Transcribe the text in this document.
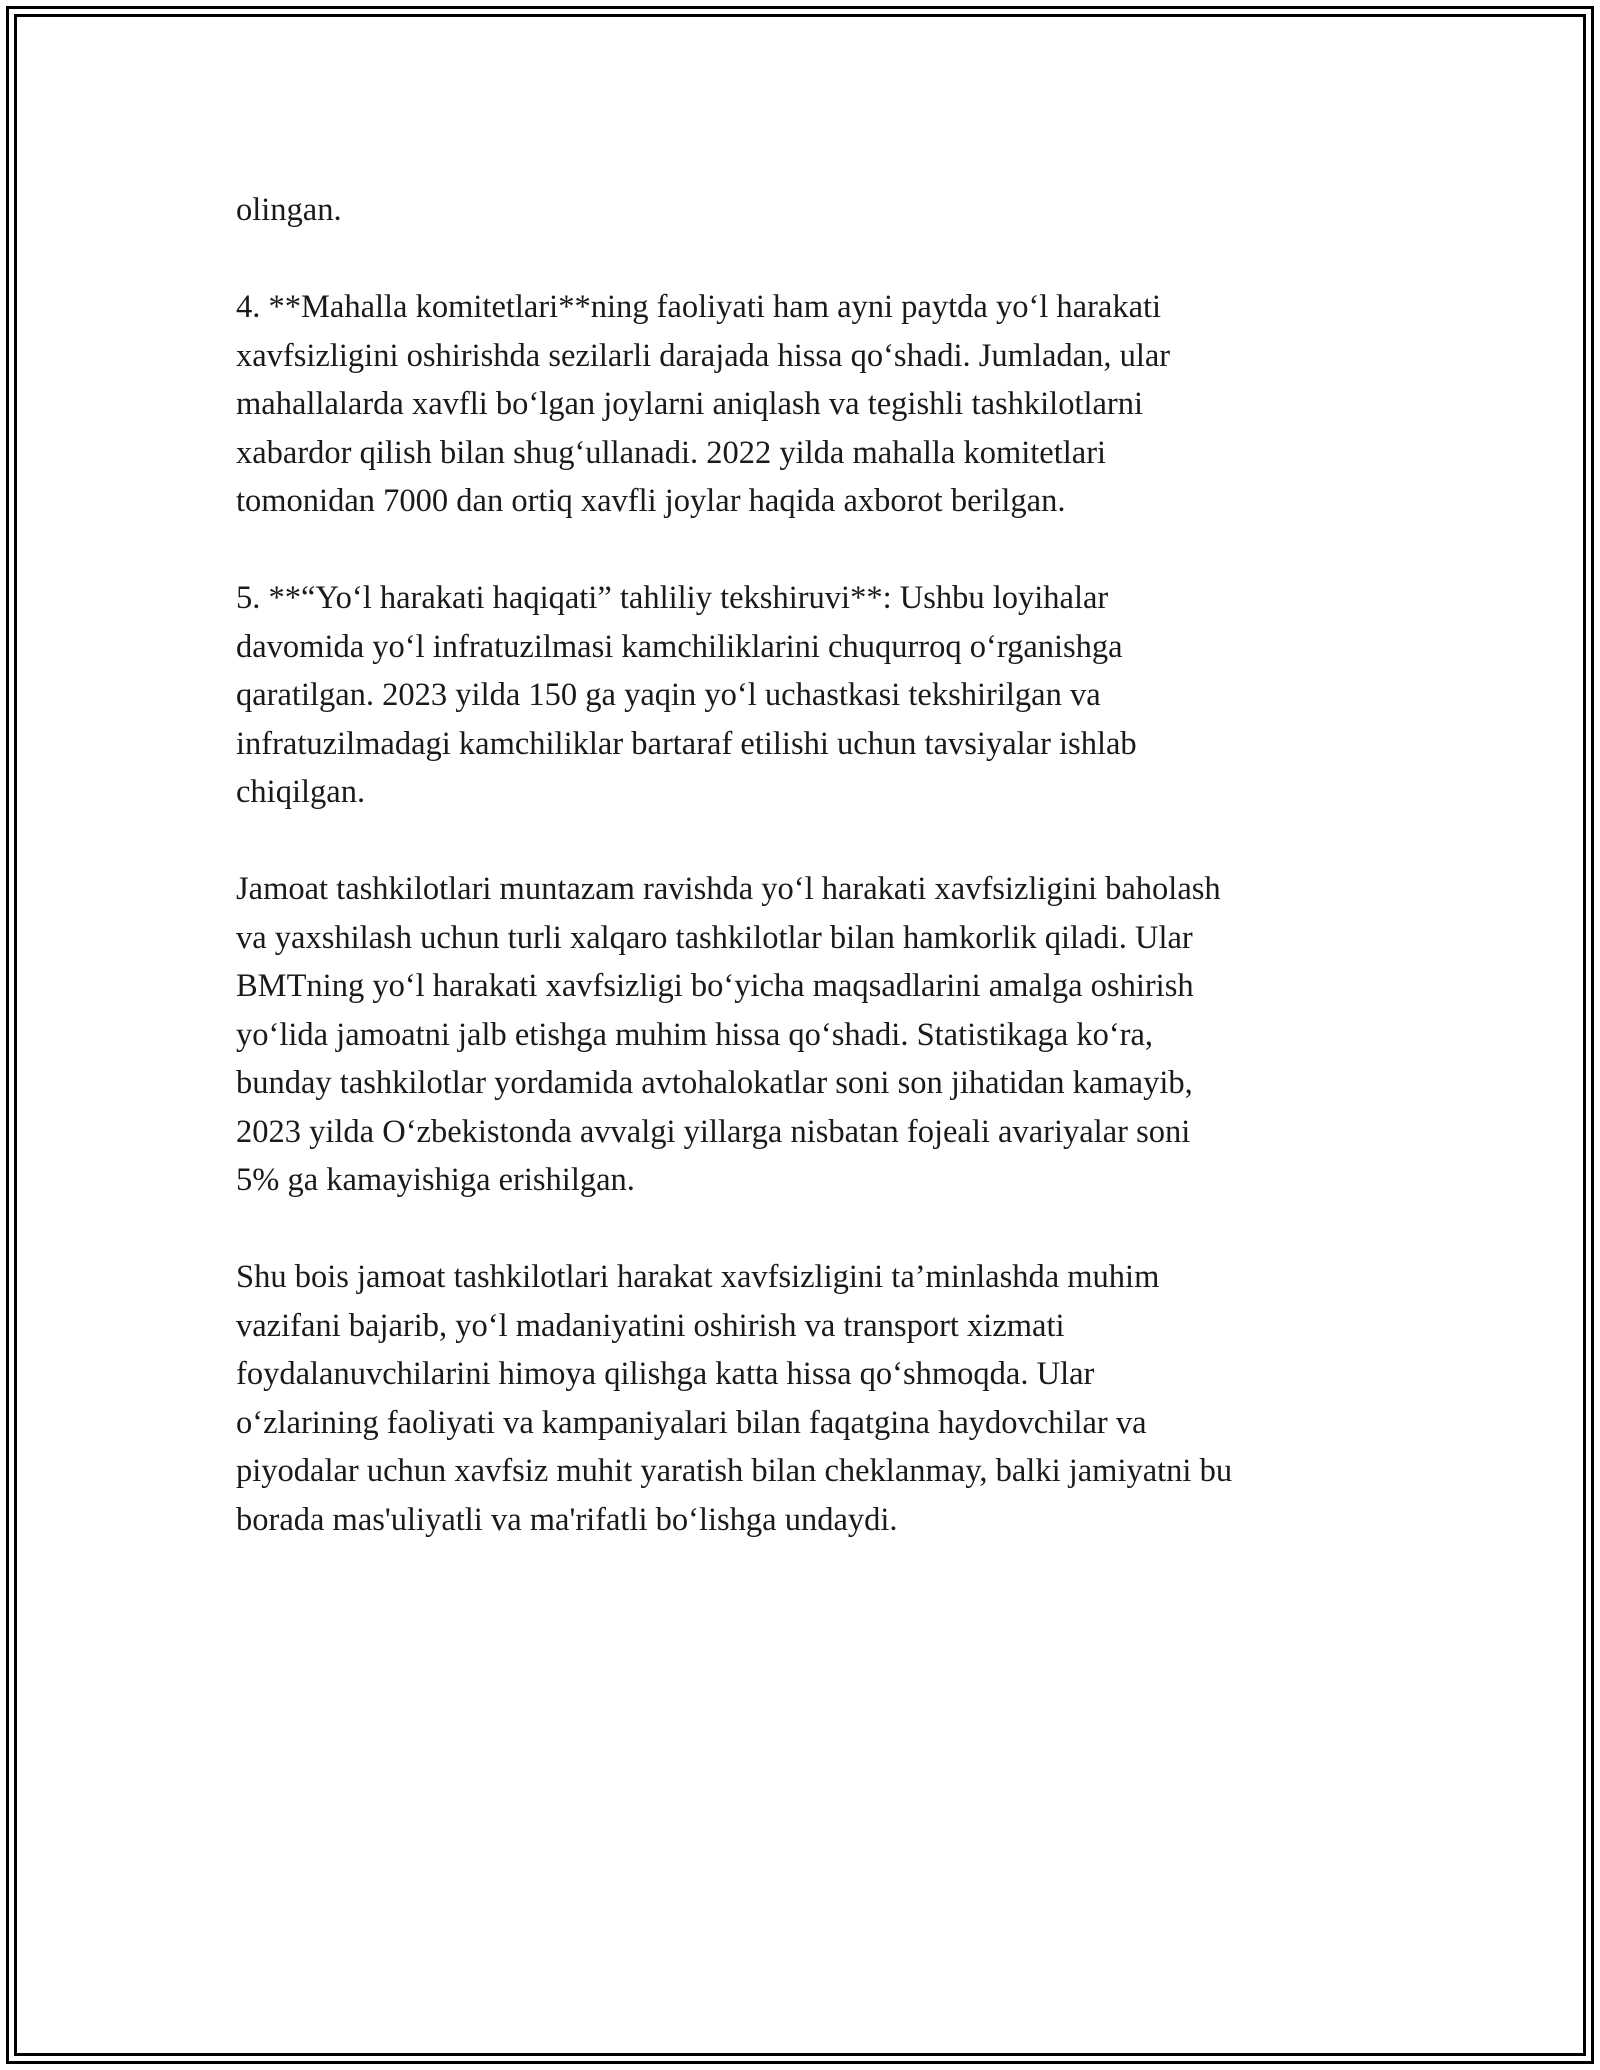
olingan.

4. **Mahalla komitetlari**ning faoliyati ham ayni paytda yo‘l harakati
xavfsizligini oshirishda sezilarli darajada hissa qo‘shadi. Jumladan, ular
mahallalarda xavfli bo‘lgan joylarni aniqlash va tegishli tashkilotlarni
xabardor qilish bilan shug‘ullanadi. 2022 yilda mahalla komitetlari
tomonidan 7000 dan ortiq xavfli joylar haqida axborot berilgan.

5. **“Yo‘l harakati haqiqati” tahliliy tekshiruvi**: Ushbu loyihalar
davomida yo‘l infratuzilmasi kamchiliklarini chuqurroq o‘rganishga
qaratilgan. 2023 yilda 150 ga yaqin yo‘l uchastkasi tekshirilgan va
infratuzilmadagi kamchiliklar bartaraf etilishi uchun tavsiyalar ishlab
chiqilgan.

Jamoat tashkilotlari muntazam ravishda yo‘l harakati xavfsizligini baholash
va yaxshilash uchun turli xalqaro tashkilotlar bilan hamkorlik qiladi. Ular
BMTning yo‘l harakati xavfsizligi bo‘yicha maqsadlarini amalga oshirish
yo‘lida jamoatni jalb etishga muhim hissa qo‘shadi. Statistikaga ko‘ra,
bunday tashkilotlar yordamida avtohalokatlar soni son jihatidan kamayib,
2023 yilda O‘zbekistonda avvalgi yillarga nisbatan fojeali avariyalar soni
5% ga kamayishiga erishilgan.

Shu bois jamoat tashkilotlari harakat xavfsizligini ta’minlashda muhim
vazifani bajarib, yo‘l madaniyatini oshirish va transport xizmati
foydalanuvchilarini himoya qilishga katta hissa qo‘shmoqda. Ular
o‘zlarining faoliyati va kampaniyalari bilan faqatgina haydovchilar va
piyodalar uchun xavfsiz muhit yaratish bilan cheklanmay, balki jamiyatni bu
borada mas'uliyatli va ma'rifatli bo‘lishga undaydi.
